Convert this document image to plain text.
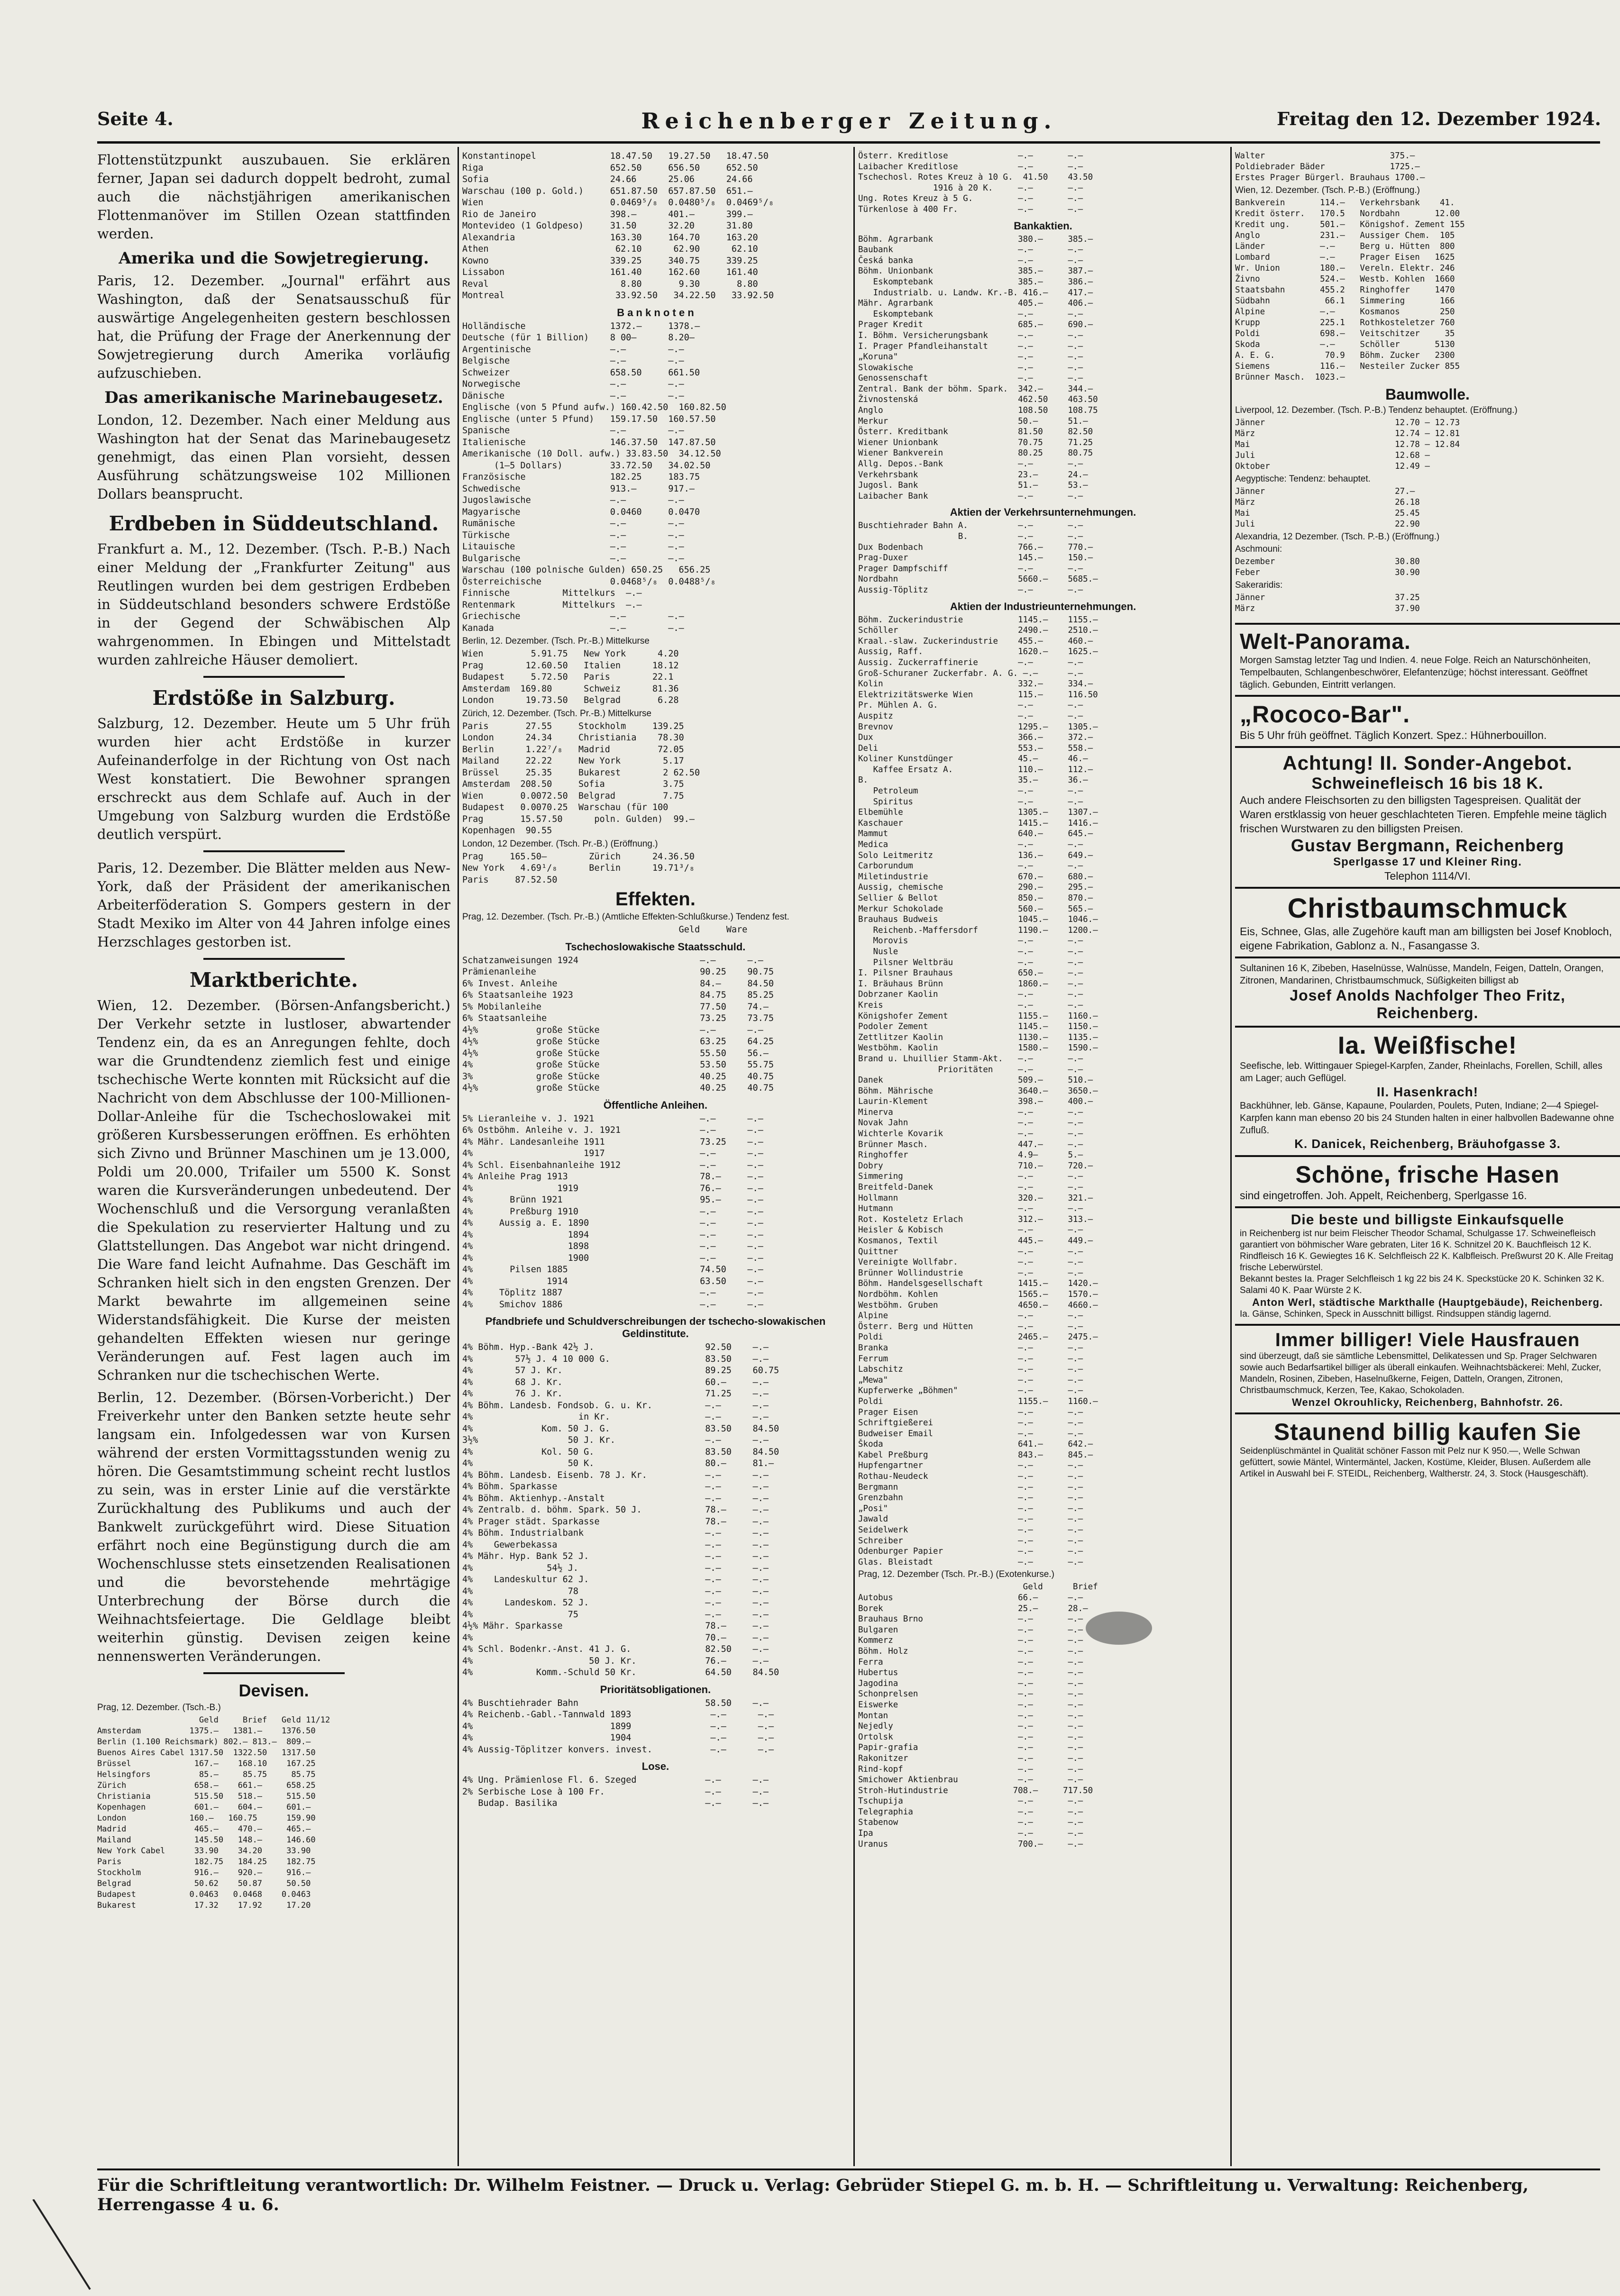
Seite 4.	Reichenberger Zeitung.	Freitag den 12. Dezember 1924.

Flottenstützpunkt auszubauen. Sie erklären ferner, Japan sei dadurch doppelt bedroht, zumal auch die nächstjährigen amerikanischen Flottenmanöver im Stillen Ozean stattfinden werden.

Amerika und die Sowjetregierung.

Paris, 12. Dezember. „Journal" erfährt aus Washington, daß der Senatsausschuß für auswärtige Angelegenheiten gestern beschlossen hat, die Prüfung der Frage der Anerkennung der Sowjetregierung durch Amerika vorläufig aufzuschieben.

Das amerikanische Marinebaugesetz.

London, 12. Dezember. Nach einer Meldung aus Washington hat der Senat das Marinebaugesetz genehmigt, das einen Plan vorsieht, dessen Ausführung schätzungsweise 102 Millionen Dollars beansprucht.

Erdbeben in Süddeutschland.

Frankfurt a. M., 12. Dezember. (Tsch. P.-B.) Nach einer Meldung der „Frankfurter Zeitung" aus Reutlingen wurden bei dem gestrigen Erdbeben in Süddeutschland besonders schwere Erdstöße in der Gegend der Schwäbischen Alp wahrgenommen. In Ebingen und Mittelstadt wurden zahlreiche Häuser demoliert.

Erdstöße in Salzburg.

Salzburg, 12. Dezember. Heute um 5 Uhr früh wurden hier acht Erdstöße in kurzer Aufeinanderfolge in der Richtung von Ost nach West konstatiert. Die Bewohner sprangen erschreckt aus dem Schlafe auf. Auch in der Umgebung von Salzburg wurden die Erdstöße deutlich verspürt.

Paris, 12. Dezember. Die Blätter melden aus New-York, daß der Präsident der amerikanischen Arbeiterföderation S. Gompers gestern in der Stadt Mexiko im Alter von 44 Jahren infolge eines Herzschlages gestorben ist.

Marktberichte.

Wien, 12. Dezember. (Börsen-Anfangsbericht.) Der Verkehr setzte in lustloser, abwartender Tendenz ein, da es an Anregungen fehlte, doch war die Grundtendenz ziemlich fest und einige tschechische Werte konnten mit Rücksicht auf die Nachricht von dem Abschlusse der 100-Millionen-Dollar-Anleihe für die Tschechoslowakei mit größeren Kursbesserungen eröffnen. Es erhöhten sich Zivno und Brünner Maschinen um je 13.000, Poldi um 20.000, Trifailer um 5500 K. Sonst waren die Kursveränderungen unbedeutend. Der Wochenschluß und die Versorgung veranlaßten die Spekulation zu reservierter Haltung und zu Glattstellungen. Das Angebot war nicht dringend. Die Ware fand leicht Aufnahme. Das Geschäft im Schranken hielt sich in den engsten Grenzen. Der Markt bewahrte im allgemeinen seine Widerstandsfähigkeit. Die Kurse der meisten gehandelten Effekten wiesen nur geringe Veränderungen auf. Fest lagen auch im Schranken nur die tschechischen Werte.

Berlin, 12. Dezember. (Börsen-Vorbericht.) Der Freiverkehr unter den Banken setzte heute sehr langsam ein. Infolgedessen war von Kursen während der ersten Vormittagsstunden wenig zu hören. Die Gesamtstimmung scheint recht lustlos zu sein, was in erster Linie auf die verstärkte Zurückhaltung des Publikums und auch der Bankwelt zurückgeführt wird. Diese Situation erfährt noch eine Begünstigung durch die am Wochenschlusse stets einsetzenden Realisationen und die bevorstehende mehrtägige Unterbrechung der Börse durch die Weihnachtsfeiertage. Die Geldlage bleibt weiterhin günstig. Devisen zeigen keine nennenswerten Veränderungen.

Devisen.
Prag, 12. Dezember. (Tsch.-B.)
Geld     Brief   Geld 11/12
Amsterdam          1375.—   1381.—    1376.50
Berlin (1.100 Reichsmark) 802.— 813.—  809.—
Buenos Aires Cabel 1317.50  1322.50   1317.50
Brüssel             167.—    168.10    167.25
Helsingfors          85.—     85.75     85.75
Zürich              658.—    661.—     658.25
Christiania         515.50   518.—     515.50
Kopenhagen          601.—    604.—     601.—
London             160.—   160.75      159.90
Madrid              465.—    470.—     465.—
Mailand             145.50   148.—     146.60
New York Cabel      33.90    34.20     33.90
Paris               182.75   184.25    182.75
Stockholm           916.—    920.—     916.—
Belgrad             50.62    50.87     50.50
Budapest           0.0463   0.0468    0.0463
Bukarest            17.32    17.92     17.20
Konstantinopel              18.47.50   19.27.50   18.47.50
Riga                        652.50     656.50     652.50
Sofia                       24.66      25.06      24.66
Warschau (100 p. Gold.)     651.87.50  657.87.50  651.—
Wien                        0.0469⁵/₈  0.0480⁵/₈  0.0469⁵/₈
Rio de Janeiro              398.—      401.—      399.—
Montevideo (1 Goldpeso)     31.50      32.20      31.80
Alexandria                  163.30     164.70     163.20
Athen                        62.10      62.90      62.10
Kowno                       339.25     340.75     339.25
Lissabon                    161.40     162.60     161.40
Reval                         8.80       9.30       8.80
Montreal                     33.92.50   34.22.50   33.92.50
B a n k n o t e n
Holländische                1372.—     1378.—
Deutsche (für 1 Billion)    8 00—      8.20—
Argentinische               —.—        —.—
Belgische                   —.—        —.—
Schweizer                   658.50     661.50
Norwegische                 —.—        —.—
Dänische                    —.—        —.—
Englische (von 5 Pfund aufw.) 160.42.50  160.82.50
Englische (unter 5 Pfund)   159.17.50  160.57.50
Spanische                   —.—        —.—
Italienische                146.37.50  147.87.50
Amerikanische (10 Doll. aufw.) 33.83.50  34.12.50
(1—5 Dollars)         33.72.50   34.02.50
Französische                182.25     183.75
Schwedische                 913.—      917.—
Jugoslawische               —.—        —.—
Magyarische                 0.0460     0.0470
Rumänische                  —.—        —.—
Türkische                   —.—        —.—
Litauische                  —.—        —.—
Bulgarische                 —.—        —.—
Warschau (100 polnische Gulden) 650.25   656.25
Österreichische             0.0468⁵/₈  0.0488⁵/₈
Finnische          Mittelkurs  —.—
Rentenmark         Mittelkurs  —.—
Griechische                 —.—        —.—
Kanada                      —.—        —.—
Berlin, 12. Dezember. (Tsch. Pr.-B.) Mittelkurse
Wien         5.91.75   New York      4.20
Prag        12.60.50   Italien      18.12
Budapest     5.72.50   Paris        22.1
Amsterdam  169.80      Schweiz      81.36
London      19.73.50   Belgrad       6.28
Zürich, 12. Dezember. (Tsch. Pr.-B.) Mittelkurse
Paris       27.55     Stockholm     139.25
London      24.34     Christiania    78.30
Berlin      1.22⁷/₈   Madrid         72.05
Mailand     22.22     New York        5.17
Brüssel     25.35     Bukarest        2 62.50
Amsterdam  208.50     Sofia           3.75
Wien       0.0072.50  Belgrad         7.75
Budapest   0.0070.25  Warschau (für 100
Prag       15.57.50      poln. Gulden)  99.—
Kopenhagen  90.55
London, 12 Dezember. (Tsch. Pr.-B.) (Eröffnung.)
Prag     165.50—        Zürich      24.36.50
New York   4.69¹/₈      Berlin      19.71³/₈
Paris     87.52.50
Effekten.
Prag, 12. Dezember. (Tsch. Pr.-B.) (Amtliche Effekten-Schlußkurse.) Tendenz fest.
Geld     Ware
Tschechoslowakische Staatsschuld.
Schatzanweisungen 1924                       —.—      —.—
Prämienanleihe                               90.25    90.75
6% Invest. Anleihe                           84.—     84.50
6% Staatsanleihe 1923                        84.75    85.25
5% Mobilanleihe                              77.50    74.—
6% Staatsanleihe                             73.25    73.75
4½%           große Stücke                   —.—      —.—
4½%           große Stücke                   63.25    64.25
4½%           große Stücke                   55.50    56.—
4%            große Stücke                   53.50    55.75
3%            große Stücke                   40.25    40.75
4½%           große Stücke                   40.25    40.75
Öffentliche Anleihen.
5% Lieranleihe v. J. 1921                    —.—      —.—
6% Ostböhm. Anleihe v. J. 1921               —.—      —.—
4% Mähr. Landesanleihe 1911                  73.25    —.—
4%                     1917                  —.—      —.—
4% Schl. Eisenbahnanleihe 1912               —.—      —.—
4% Anleihe Prag 1913                         78.—     —.—
4%                1919                       76.—     —.—
4%       Brünn 1921                          95.—     —.—
4%       Preßburg 1910                       —.—      —.—
4%     Aussig a. E. 1890                     —.—      —.—
4%                  1894                     —.—      —.—
4%                  1898                     —.—      —.—
4%                  1900                     —.—      —.—
4%       Pilsen 1885                         74.50    —.—
4%              1914                         63.50    —.—
4%     Töplitz 1887                          —.—      —.—
4%     Smichov 1886                          —.—      —.—
Pfandbriefe und Schuldverschreibungen der tschecho-slowakischen Geldinstitute.
4% Böhm. Hyp.-Bank 42½ J.                     92.50    —.—
4%        57½ J. 4 10 000 G.                  83.50    —.—
4%        57 J. Kr.                           89.25    60.75
4%        68 J. Kr.                           60.—     —.—
4%        76 J. Kr.                           71.25    —.—
4% Böhm. Landesb. Fondsob. G. u. Kr.          —.—      —.—
4%                    in Kr.                  —.—      —.—
4%             Kom. 50 J. G.                  83.50    84.50
3½%                 50 J. Kr.                 —.—      —.—
4%             Kol. 50 G.                     83.50    84.50
4%                  50 K.                     80.—     81.—
4% Böhm. Landesb. Eisenb. 78 J. Kr.           —.—      —.—
4% Böhm. Sparkasse                            —.—      —.—
4% Böhm. Aktienhyp.-Anstalt                   —.—      —.—
4% Zentralb. d. böhm. Spark. 50 J.            78.—     —.—
4% Prager städt. Sparkasse                    78.—     —.—
4% Böhm. Industrialbank                       —.—      —.—
4%    Gewerbekassa                            —.—      —.—
4% Mähr. Hyp. Bank 52 J.                      —.—      —.—
4%              54½ J.                        —.—      —.—
4%    Landeskultur 62 J.                      —.—      —.—
4%                  78                        —.—      —.—
4%      Landeskom. 52 J.                      —.—      —.—
4%                  75                        —.—      —.—
4½% Mähr. Sparkasse                           78.—     —.—
4%                                            70.—     —.—
4% Schl. Bodenkr.-Anst. 41 J. G.              82.50    —.—
4%                      50 J. Kr.             76.—     —.—
4%            Komm.-Schuld 50 Kr.             64.50    84.50
Prioritätsobligationen.
4% Buschtiehrader Bahn                        58.50    —.—
4% Reichenb.-Gabl.-Tannwald 1893               —.—      —.—
4%                          1899               —.—      —.—
4%                          1904               —.—      —.—
4% Aussig-Töplitzer konvers. invest.           —.—      —.—
Lose.
4% Ung. Prämienlose Fl. 6. Szeged             —.—      —.—
2% Serbische Lose à 100 Fr.                   —.—      —.—
Budap. Basilika                            —.—      —.—
Österr. Kreditlose              —.—       —.—
Laibacher Kreditlose            —.—       —.—
Tschechosl. Rotes Kreuz à 10 G.  41.50    43.50
1916 à 20 K.     —.—       —.—
Ung. Rotes Kreuz à 5 G.         —.—       —.—
Türkenlose à 400 Fr.            —.—       —.—
Bankaktien.
Böhm. Agrarbank                 380.—     385.—
Baubank                         —.—       —.—
Česká banka                     —.—       —.—
Böhm. Unionbank                 385.—     387.—
Eskomptebank                 385.—     386.—
Industrialb. u. Landw. Kr.-B. 416.—    417.—
Mähr. Agrarbank                 405.—     406.—
Eskomptebank                 —.—       —.—
Prager Kredit                   685.—     690.—
I. Böhm. Versicherungsbank      —.—       —.—
I. Prager Pfandleihanstalt      —.—       —.—
„Koruna"                        —.—       —.—
Slowakische                     —.—       —.—
Genossenschaft                  —.—       —.—
Zentral. Bank der böhm. Spark.  342.—     344.—
Živnostenská                    462.50    463.50
Anglo                           108.50    108.75
Merkur                          50.—      51.—
Österr. Kreditbank              81.50     82.50
Wiener Unionbank                70.75     71.25
Wiener Bankverein               80.25     80.75
Allg. Depos.-Bank               —.—       —.—
Verkehrsbank                    23.—      24.—
Jugosl. Bank                    51.—      53.—
Laibacher Bank                  —.—       —.—
Aktien der Verkehrsunternehmungen.
Buschtiehrader Bahn A.          —.—       —.—
B.          —.—       —.—
Dux Bodenbach                   766.—     770.—
Prag-Duxer                      145.—     150.—
Prager Dampfschiff              —.—       —.—
Nordbahn                        5660.—    5685.—
Aussig-Töplitz                  —.—       —.—
Aktien der Industrieunternehmungen.
Böhm. Zuckerindustrie           1145.—    1155.—
Schöller                        2490.—    2510.—
Kraal.-slaw. Zuckerindustrie    455.—     460.—
Aussig, Raff.                   1620.—    1625.—
Aussig. Zuckerraffinerie        —.—       —.—
Groß-Schuraner Zuckerfabr. A. G. —.—      —.—
Kolin                           332.—     334.—
Elektrizitätswerke Wien         115.—     116.50
Pr. Mühlen A. G.                —.—       —.—
Auspitz                         —.—       —.—
Brevnov                         1295.—    1305.—
Dux                             366.—     372.—
Deli                            553.—     558.—
Koliner Kunstdünger             45.—      46.—
Kaffee Ersatz A.             110.—     112.—
B.                              35.—      36.—
Petroleum                    —.—       —.—
Spiritus                     —.—       —.—
Elbemühle                       1305.—    1307.—
Kaschauer                       1415.—    1416.—
Mammut                          640.—     645.—
Medica                          —.—       —.—
Solo Leitmeritz                 136.—     649.—
Carborundum                     —.—       —.—
Miletindustrie                  670.—     680.—
Aussig, chemische               290.—     295.—
Sellier & Bellot                850.—     870.—
Merkur Schokolade               560.—     565.—
Brauhaus Budweis                1045.—    1046.—
Reichenb.-Maffersdorf        1190.—    1200.—
Morovis                      —.—       —.—
Nusle                        —.—       —.—
Pilsner Weltbräu             —.—       —.—
I. Pilsner Brauhaus             650.—     —.—
I. Bräuhaus Brünn               1860.—    —.—
Dobrzaner Kaolin                —.—       —.—
Kreis                           —.—       —.—
Königshofer Zement              1155.—    1160.—
Podoler Zement                  1145.—    1150.—
Zettlitzer Kaolin               1130.—    1135.—
Westböhm. Kaolin                1580.—    1590.—
Brand u. Lhuillier Stamm-Akt.   —.—       —.—
Prioritäten     —.—       —.—
Danek                           509.—     510.—
Böhm. Mährische                 3640.—    3650.—
Laurin-Klement                  398.—     400.—
Minerva                         —.—       —.—
Novak Jahn                      —.—       —.—
Wichterle Kovarik               —.—       —.—
Brünner Masch.                  447.—     —.—
Ringhoffer                      4.9—      5.—
Dobry                           710.—     720.—
Simmering                       —.—       —.—
Breitfeld-Danek                 —.—       —.—
Hollmann                        320.—     321.—
Hutmann                         —.—       —.—
Rot. Kosteletz Erlach           312.—     313.—
Heisler & Kobisch               —.—       —.—
Kosmanos, Textil                445.—     449.—
Quittner                        —.—       —.—
Vereinigte Wollfabr.            —.—       —.—
Brünner Wollindustrie           —.—       —.—
Böhm. Handelsgesellschaft       1415.—    1420.—
Nordböhm. Kohlen                1565.—    1570.—
Westböhm. Gruben                4650.—    4660.—
Alpine                          —.—       —.—
Österr. Berg und Hütten         —.—       —.—
Poldi                           2465.—    2475.—
Branka                          —.—       —.—
Ferrum                          —.—       —.—
Labschitz                       —.—       —.—
„Mewa"                          —.—       —.—
Kupferwerke „Böhmen"            —.—       —.—
Poldi                           1155.—    1160.—
Prager Eisen                    —.—       —.—
Schriftgießerei                 —.—       —.—
Budweiser Email                 —.—       —.—
Škoda                           641.—     642.—
Kabel Preßburg                  843.—     845.—
Hupfengartner                   —.—       —.—
Rothau-Neudeck                  —.—       —.—
Bergmann                        —.—       —.—
Grenzbahn                       —.—       —.—
„Posi"                          —.—       —.—
Jawald                          —.—       —.—
Seidelwerk                      —.—       —.—
Schreiber                       —.—       —.—
Odenburger Papier               —.—       —.—
Glas. Bleistadt                 —.—       —.—
Prag, 12. Dezember (Tsch. Pr.-B.) (Exotenkurse.)
Geld      Brief
Autobus                         66.—      —.—
Borek                           25.—      28.—
Brauhaus Brno                   —.—       —.—
Bulgaren                        —.—       —.—
Kommerz                         —.—       —.—
Böhm. Holz                      —.—       —.—
Ferra                           —.—       —.—
Hubertus                        —.—       —.—
Jagodina                        —.—       —.—
Schonprelsen                    —.—       —.—
Eiswerke                        —.—       —.—
Montan                          —.—       —.—
Nejedly                         —.—       —.—
Ortolsk                         —.—       —.—
Papir-grafia                    —.—       —.—
Rakonitzer                      —.—       —.—
Rind-kopf                       —.—       —.—
Smichower Aktienbrau            —.—       —.—
Stroh-Hutindustrie             708.—     717.50
Tschupija                       —.—       —.—
Telegraphia                     —.—       —.—
Stabenow                        —.—       —.—
Ipa                             —.—       —.—
Uranus                          700.—     —.—
Walter                         375.—
Poldiebrader Bäder             1725.—
Erstes Prager Bürgerl. Brauhaus 1700.—
Wien, 12. Dezember. (Tsch. P.-B.) (Eröffnung.)
Bankverein       114.—   Verkehrsbank    41.
Kredit österr.   170.5   Nordbahn       12.00
Kredit ung.      501.—   Königshof. Zement 155
Anglo            231.—   Aussiger Chem.  105
Länder           —.—     Berg u. Hütten  800
Lombard          —.—     Prager Eisen   1625
Wr. Union        180.—   Vereln. Elektr. 246
Živno            524.—   Westb. Kohlen  1660
Staatsbahn       455.2   Ringhoffer     1470
Südbahn           66.1   Simmering       166
Alpine           —.—     Kosmanos        250
Krupp            225.1   Rothkosteletzer 760
Poldi            698.—   Veitschitzer     35
Skoda            —.—     Schöller       5130
A. E. G.          70.9   Böhm. Zucker   2300
Siemens          116.—   Nesteiler Zucker 855
Brünner Masch.  1023.—
Baumwolle.
Liverpool, 12. Dezember. (Tsch. P.-B.) Tendenz behauptet. (Eröffnung.)
Jänner                          12.70 — 12.73
März                            12.74 — 12.81
Mai                             12.78 — 12.84
Juli                            12.68 —
Oktober                         12.49 —
Aegyptische: Tendenz: behauptet.
Jänner                          27.—
März                            26.18
Mai                             25.45
Juli                            22.90
Alexandria, 12 Dezember. (Tsch. P.-B.) (Eröffnung.)
Aschmouni:
Dezember                        30.80
Feber                           30.90
Sakeraridis:
Jänner                          37.25
März                            37.90
Welt-Panorama.
Morgen Samstag letzter Tag und Indien. 4. neue Folge. Reich an Naturschönheiten, Tempelbauten, Schlangenbeschwörer, Elefantenzüge; höchst interessant. Geöffnet täglich. Gebunden, Eintritt verlangen.
„Rococo-Bar".
Bis 5 Uhr früh geöffnet. Täglich Konzert. Spez.: Hühnerbouillon.
Achtung! II. Sonder-Angebot.
Schweinefleisch 16 bis 18 K.
Auch andere Fleischsorten zu den billigsten Tagespreisen. Qualität der Waren erstklassig von heuer geschlachteten Tieren. Empfehle meine täglich frischen Wurstwaren zu den billigsten Preisen.
Gustav Bergmann, Reichenberg
Sperlgasse 17 und Kleiner Ring.
Telephon 1114/VI.
Christbaumschmuck
Eis, Schnee, Glas, alle Zugehöre kauft man am billigsten bei Josef Knobloch, eigene Fabrikation, Gablonz a. N., Fasangasse 3.
Sultaninen 16 K, Zibeben, Haselnüsse, Walnüsse, Mandeln, Feigen, Datteln, Orangen, Zitronen, Mandarinen, Christbaumschmuck, Süßigkeiten billigst ab
Josef Anolds Nachfolger Theo Fritz, Reichenberg.
Ia. Weißfische!
Seefische, leb. Wittingauer Spiegel-Karpfen, Zander, Rheinlachs, Forellen, Schill, alles am Lager; auch Geflügel.
II. Hasenkrach!
Backhühner, leb. Gänse, Kapaune, Poularden, Poulets, Puten, Indiane; 2—4 Spiegel-Karpfen kann man ebenso 20 bis 24 Stunden halten in einer halbvollen Badewanne ohne Zufluß.
K. Danicek, Reichenberg, Bräuhofgasse 3.
Schöne, frische Hasen
sind eingetroffen. Joh. Appelt, Reichenberg, Sperlgasse 16.
Die beste und billigste Einkaufsquelle
in Reichenberg ist nur beim Fleischer Theodor Schamal, Schulgasse 17. Schweinefleisch garantiert von böhmischer Ware gebraten, Liter 16 K. Schnitzel 20 K. Bauchfleisch 12 K. Rindfleisch 16 K. Gewiegtes 16 K. Selchfleisch 22 K. Kalbfleisch. Preßwurst 20 K. Alle Freitag frische Leberwürstel.
Bekannt bestes Ia. Prager Selchfleisch 1 kg 22 bis 24 K. Speckstücke 20 K. Schinken 32 K. Salami 40 K. Paar Würste 2 K.
Anton Werl, städtische Markthalle (Hauptgebäude), Reichenberg.
Ia. Gänse, Schinken, Speck in Ausschnitt billigst. Rindsuppen ständig lagernd.
Immer billiger! Viele Hausfrauen
sind überzeugt, daß sie sämtliche Lebensmittel, Delikatessen und Sp. Prager Selchwaren sowie auch Bedarfsartikel billiger als überall einkaufen. Weihnachtsbäckerei: Mehl, Zucker, Mandeln, Rosinen, Zibeben, Haselnußkerne, Feigen, Datteln, Orangen, Zitronen, Christbaumschmuck, Kerzen, Tee, Kakao, Schokoladen.
Wenzel Okrouhlicky, Reichenberg, Bahnhofstr. 26.
Staunend billig kaufen Sie
Seidenplüschmäntel in Qualität schöner Fasson mit Pelz nur K 950.—, Welle Schwan gefüttert, sowie Mäntel, Wintermäntel, Jacken, Kostüme, Kleider, Blusen. Außerdem alle Artikel in Auswahl bei F. STEIDL, Reichenberg, Waltherstr. 24, 3. Stock (Hausgeschäft).
Für die Schriftleitung verantwortlich: Dr. Wilhelm Feistner. — Druck u. Verlag: Gebrüder Stiepel G. m. b. H. — Schriftleitung u. Verwaltung: Reichenberg, Herrengasse 4 u. 6.
